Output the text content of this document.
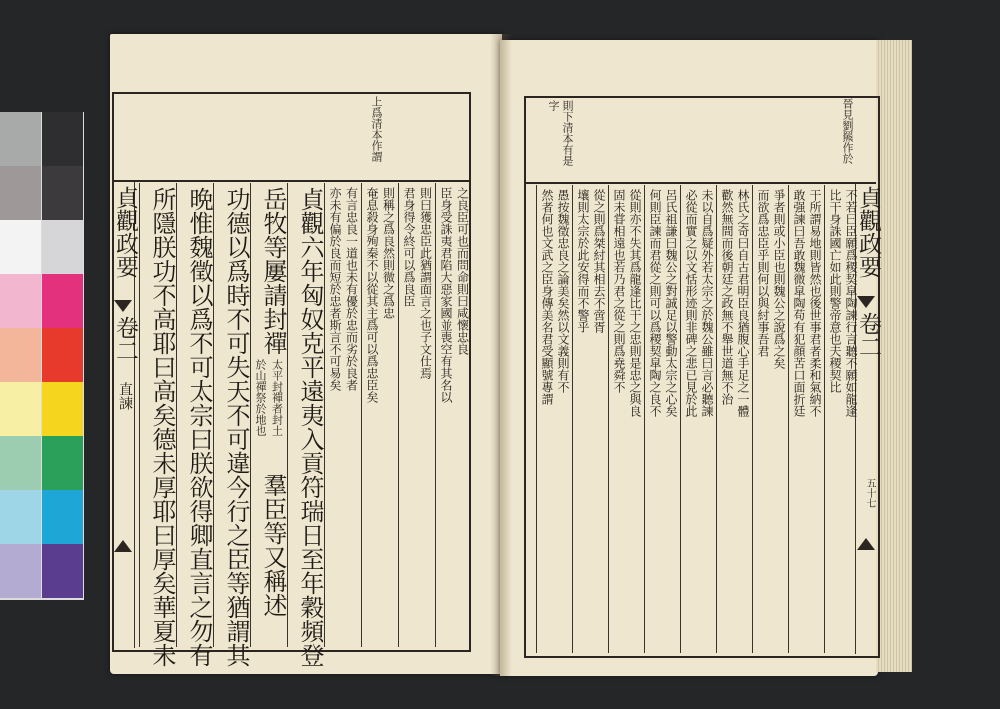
貞觀政要
卷二
直諫
上爲清本作謂
之良臣可也而問命則曰咸懷忠良
臣身受誅夷君陷大惡家國並喪空有其名以
則曰獲忠臣此猶謂面言之也子文仕焉
君身得令終可以爲良臣
則稱之爲良然則微之爲忠
奄息殺身殉秦不以從其主爲可以爲忠臣矣
有言忠良一道也未有優於忠而劣於良者
亦未有偏於良而短於忠者斯言不可易矣
貞觀六年匈奴克平遠夷入貢符瑞日至年穀頻登
岳牧等屢請封禪
太平封禪者封土
於山禪祭於地也
羣臣等又稱述
功德以爲時不可失天不可違今行之臣等猶謂其
晩惟魏徵以爲不可太宗曰朕欲得卿直言之勿有
所隱朕功不高耶曰高矣德未厚耶曰厚矣華夏未	貞觀政要
卷二
五十七
晉見劉羆作於
則下清本有是
字
不若曰臣願爲稷契皐陶諫行言聽不願如龍逢
比干身誅國亡如此則警帝意也夫稷契比
干所謂易地則皆然也後世事君者柔和氣納不
敢强諫曰吾敢魏微皐陶苟有犯顔苦口面折廷
爭者則或小臣也則魏公之說爲之矣
而欲爲忠臣乎則何以與紂事吾君
林氏之奇曰自古君明臣良猶腹心手足之一體
歡然無間而後朝廷之政無不舉世道無不治
未以自爲疑外若太宗之於魏公雖曰言必聽諫
必從而實之以文恬形迹則非碑之悲已見於此
呂氏祖謙曰魏公之對誠足以警動太宗之心矣
何則臣諫而君從之則可以爲稷契皐陶之良不
從則亦不失其爲龍逢比干之忠則是忠之與良
固未甞相遠也若乃君之從之則爲堯舜不
從之則爲桀紂其相去不啻胥
壤則太宗於此安得而不警乎
愚按魏徵忠良之論美矣然以文義則有不
然者何也文武之臣身傳美名君受顯號專謂
